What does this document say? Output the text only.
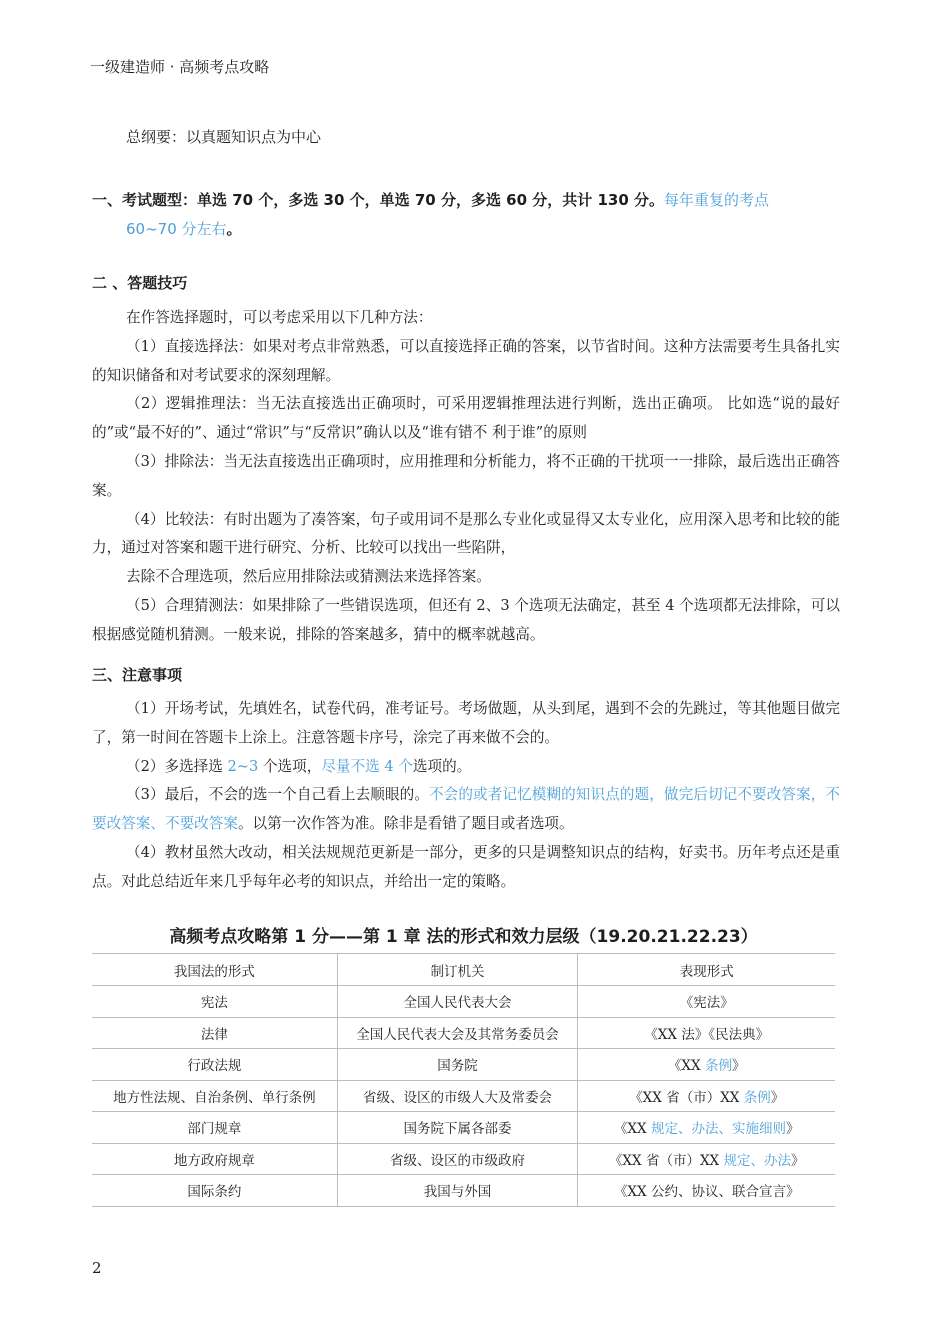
一级建造师 · 高频考点攻略
总纲要：以真题知识点为中心
一、考试题型：单选 70 个，多选 30 个，单选 70 分，多选 60 分，共计 130 分。每年重复的考点
60~70 分左右。
二 、答题技巧

在作答选择题时，可以考虑采用以下几种方法：

（1）直接选择法：如果对考点非常熟悉，可以直接选择正确的答案，以节省时间。这种方法需要考生具备扎实的知识储备和对考试要求的深刻理解。

（2）逻辑推理法：当无法直接选出正确项时，可采用逻辑推理法进行判断，选出正确项。 比如选“说的最好的”或“最不好的”、通过“常识”与“反常识”确认以及“谁有错不 利于谁”的原则

（3）排除法：当无法直接选出正确项时，应用推理和分析能力，将不正确的干扰项一一排除，最后选出正确答案。

（4）比较法：有时出题为了凑答案，句子或用词不是那么专业化或显得又太专业化，应用深入思考和比较的能力，通过对答案和题干进行研究、分析、比较可以找出一些陷阱，

去除不合理选项，然后应用排除法或猜测法来选择答案。

（5）合理猜测法：如果排除了一些错误选项，但还有 2、3 个选项无法确定，甚至 4 个选项都无法排除，可以根据感觉随机猜测。一般来说，排除的答案越多，猜中的概率就越高。

三、注意事项

（1）开场考试，先填姓名，试卷代码，准考证号。考场做题，从头到尾，遇到不会的先跳过，等其他题目做完了，第一时间在答题卡上涂上。注意答题卡序号，涂完了再来做不会的。

（2）多选择选 2~3 个选项，尽量不选 4 个选项的。

（3）最后，不会的选一个自己看上去顺眼的。不会的或者记忆模糊的知识点的题，做完后切记不要改答案，不要改答案、不要改答案。以第一次作答为准。除非是看错了题目或者选项。

（4）教材虽然大改动，相关法规规范更新是一部分，更多的只是调整知识点的结构，好卖书。历年考点还是重点。对此总结近年来几乎每年必考的知识点，并给出一定的策略。

高频考点攻略第 1 分——第 1 章 法的形式和效力层级（19.20.21.22.23）
我国法的形式	制订机关	表现形式
宪法	全国人民代表大会	《宪法》
法律	全国人民代表大会及其常务委员会	《XX 法》《民法典》
行政法规	国务院	《XX 条例》
地方性法规、自治条例、单行条例	省级、设区的市级人大及常委会	《XX 省（市）XX 条例》
部门规章	国务院下属各部委	《XX 规定、办法、实施细则》
地方政府规章	省级、设区的市级政府	《XX 省（市）XX 规定、办法》
国际条约	我国与外国	《XX 公约、协议、联合宣言》
2
